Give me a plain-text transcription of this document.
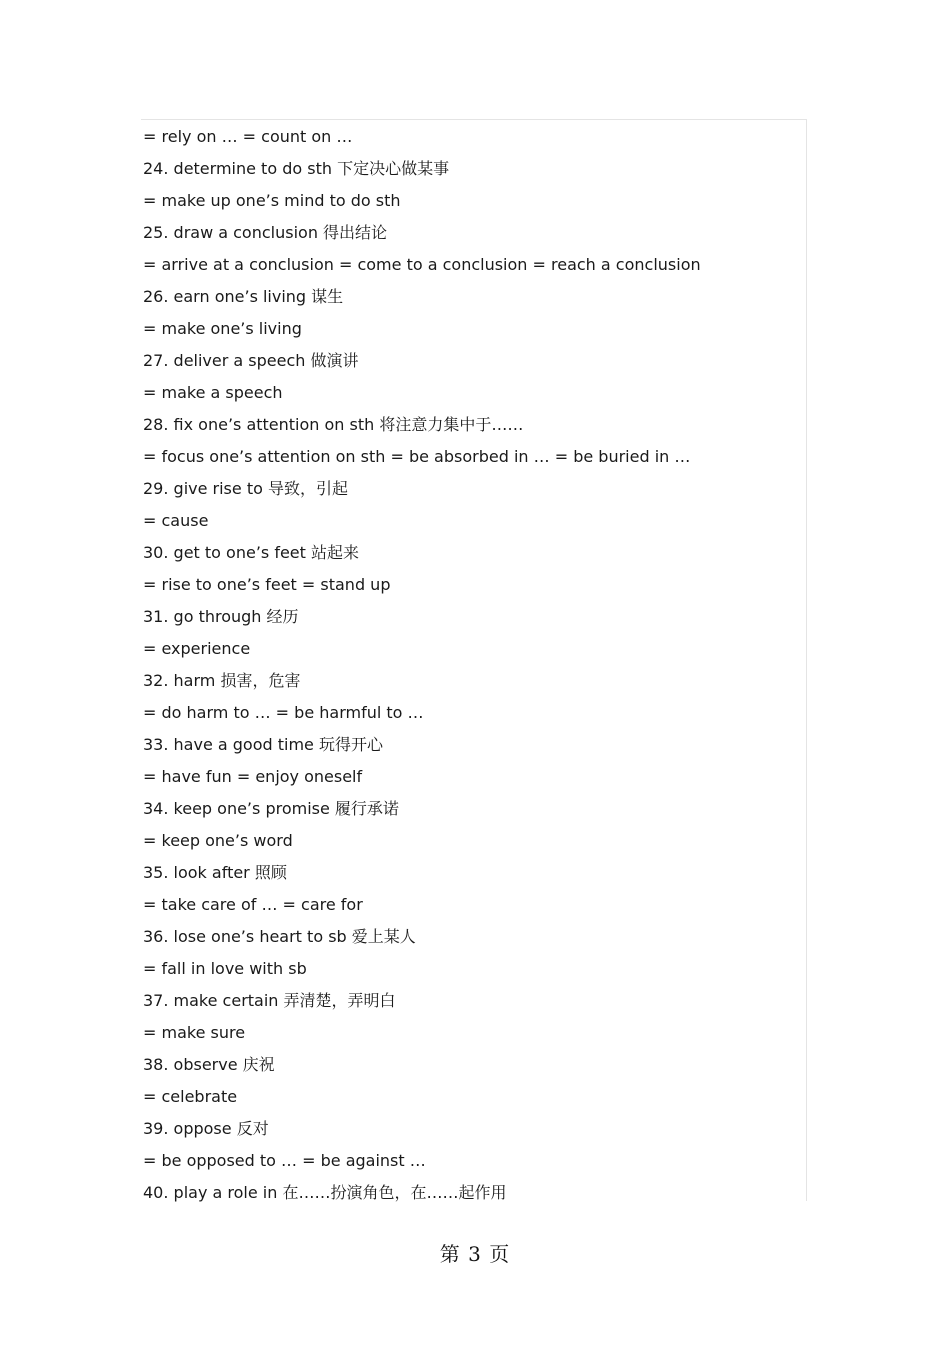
= rely on … = count on …
24. determine to do sth 下定决心做某事
= make up one’s mind to do sth
25. draw a conclusion 得出结论
= arrive at a conclusion = come to a conclusion = reach a conclusion
26. earn one’s living 谋生
= make one’s living
27. deliver a speech 做演讲
= make a speech
28. fix one’s attention on sth 将注意力集中于……
= focus one’s attention on sth = be absorbed in … = be buried in …
29. give rise to 导致，引起
= cause
30. get to one’s feet 站起来
= rise to one’s feet = stand up
31. go through 经历
= experience
32. harm 损害，危害
= do harm to … = be harmful to …
33. have a good time 玩得开心
= have fun = enjoy oneself
34. keep one’s promise 履行承诺
= keep one’s word
35. look after 照顾
= take care of … = care for
36. lose one’s heart to sb 爱上某人
= fall in love with sb
37. make certain 弄清楚，弄明白
= make sure
38. observe 庆祝
= celebrate
39. oppose 反对
= be opposed to … = be against …
40. play a role in 在……扮演角色，在……起作用
第 3 页
